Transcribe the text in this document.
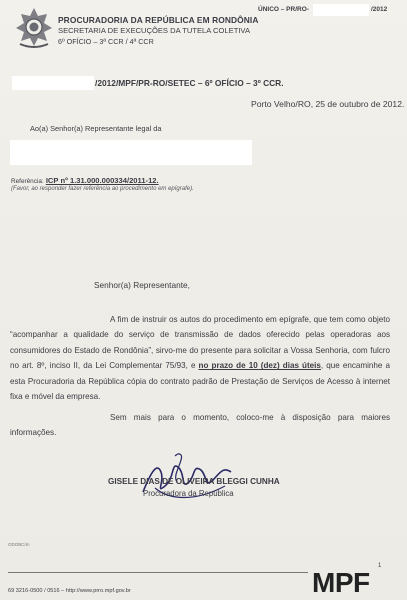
PROCURADORIA DA REPÚBLICA EM RONDÔNIA
SECRETARIA DE EXECUÇÕES DA TUTELA COLETIVA
6º OFÍCIO – 3ª CCR / 4ª CCR
ÚNICO – PR/RO-	/2012
/2012/MPF/PR-RO/SETEC – 6º OFÍCIO – 3º CCR.
Porto Velho/RO, 25 de outubro de 2012.
Ao(a) Senhor(a) Representante legal da
Referência: ICP nº 1.31.000.000334/2011-12.
(Favor, ao responder fazer referência ao procedimento em epígrafe).
Senhor(a) Representante,
A fim de instruir os autos do procedimento em epígrafe, que tem como objeto “acompanhar a qualidade do serviço de transmissão de dados oferecido pelas operadoras aos consumidores do Estado de Rondônia”, sirvo-me do presente para solicitar a Vossa Senhoria, com fulcro no art. 8º, inciso II, da Lei Complementar 75/93, e no prazo de 10 (dez) dias úteis, que encaminhe a esta Procuradoria da República cópia do contrato padrão de Prestação de Serviços de Acesso à internet fixa e móvel da empresa.
Sem mais para o momento, coloco-me à disposição para maiores informações.
GISELE DIAS DE OLIVEIRA BLEGGI CUNHA
Procuradora da República
ODOBC/m
1
69 3216-0500 / 0516 – http://www.prro.mpf.gov.br	MPF
